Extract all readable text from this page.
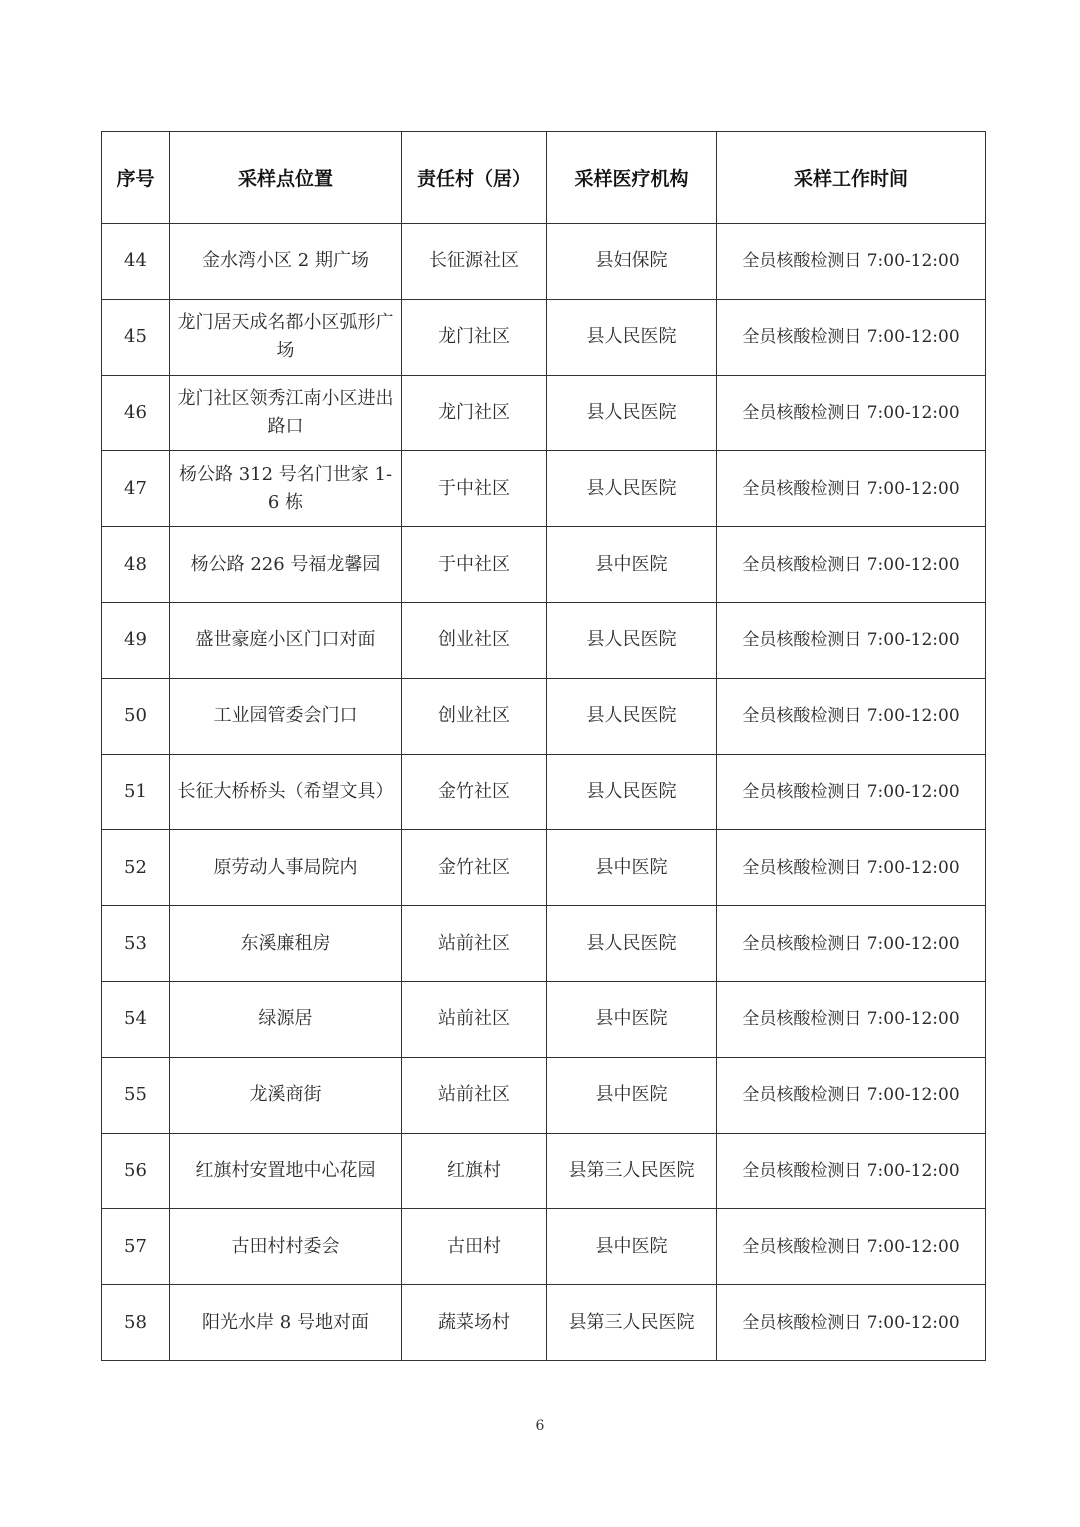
序号	采样点位置	责任村（居）	采样医疗机构	采样工作时间
44	金水湾小区 2 期广场	长征源社区	县妇保院	全员核酸检测日 7:00-12:00
45	龙门居天成名都小区弧形广场	龙门社区	县人民医院	全员核酸检测日 7:00-12:00
46	龙门社区领秀江南小区进出路口	龙门社区	县人民医院	全员核酸检测日 7:00-12:00
47	杨公路 312 号名门世家 1-6 栋	于中社区	县人民医院	全员核酸检测日 7:00-12:00
48	杨公路 226 号福龙馨园	于中社区	县中医院	全员核酸检测日 7:00-12:00
49	盛世豪庭小区门口对面	创业社区	县人民医院	全员核酸检测日 7:00-12:00
50	工业园管委会门口	创业社区	县人民医院	全员核酸检测日 7:00-12:00
51	长征大桥桥头（希望文具）	金竹社区	县人民医院	全员核酸检测日 7:00-12:00
52	原劳动人事局院内	金竹社区	县中医院	全员核酸检测日 7:00-12:00
53	东溪廉租房	站前社区	县人民医院	全员核酸检测日 7:00-12:00
54	绿源居	站前社区	县中医院	全员核酸检测日 7:00-12:00
55	龙溪商街	站前社区	县中医院	全员核酸检测日 7:00-12:00
56	红旗村安置地中心花园	红旗村	县第三人民医院	全员核酸检测日 7:00-12:00
57	古田村村委会	古田村	县中医院	全员核酸检测日 7:00-12:00
58	阳光水岸 8 号地对面	蔬菜场村	县第三人民医院	全员核酸检测日 7:00-12:00
6
